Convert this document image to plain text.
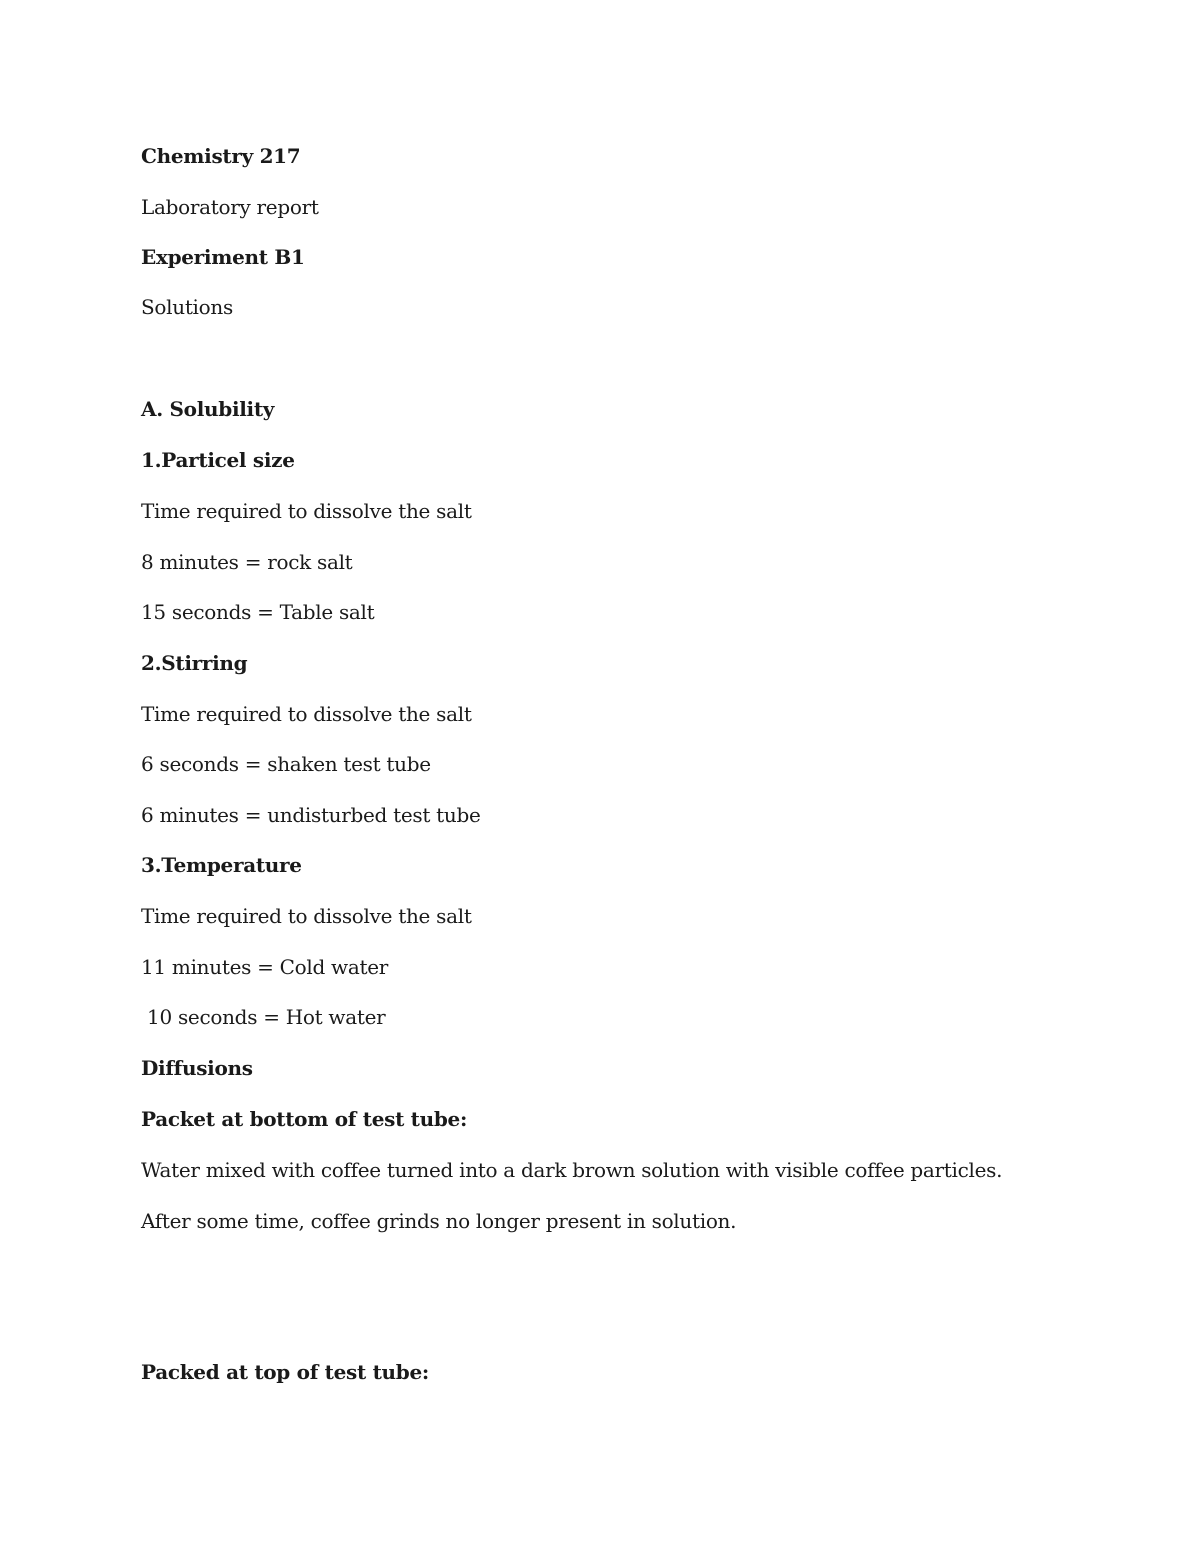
Chemistry 217
Laboratory report
Experiment B1
Solutions
A. Solubility
1.Particel size
Time required to dissolve the salt
8 minutes = rock salt
15 seconds = Table salt
2.Stirring
Time required to dissolve the salt
6 seconds = shaken test tube
6 minutes = undisturbed test tube
3.Temperature
Time required to dissolve the salt
11 minutes = Cold water
10 seconds = Hot water
Diffusions
Packet at bottom of test tube:
Water mixed with coffee turned into a dark brown solution with visible coffee particles.
After some time, coffee grinds no longer present in solution.
Packed at top of test tube:
